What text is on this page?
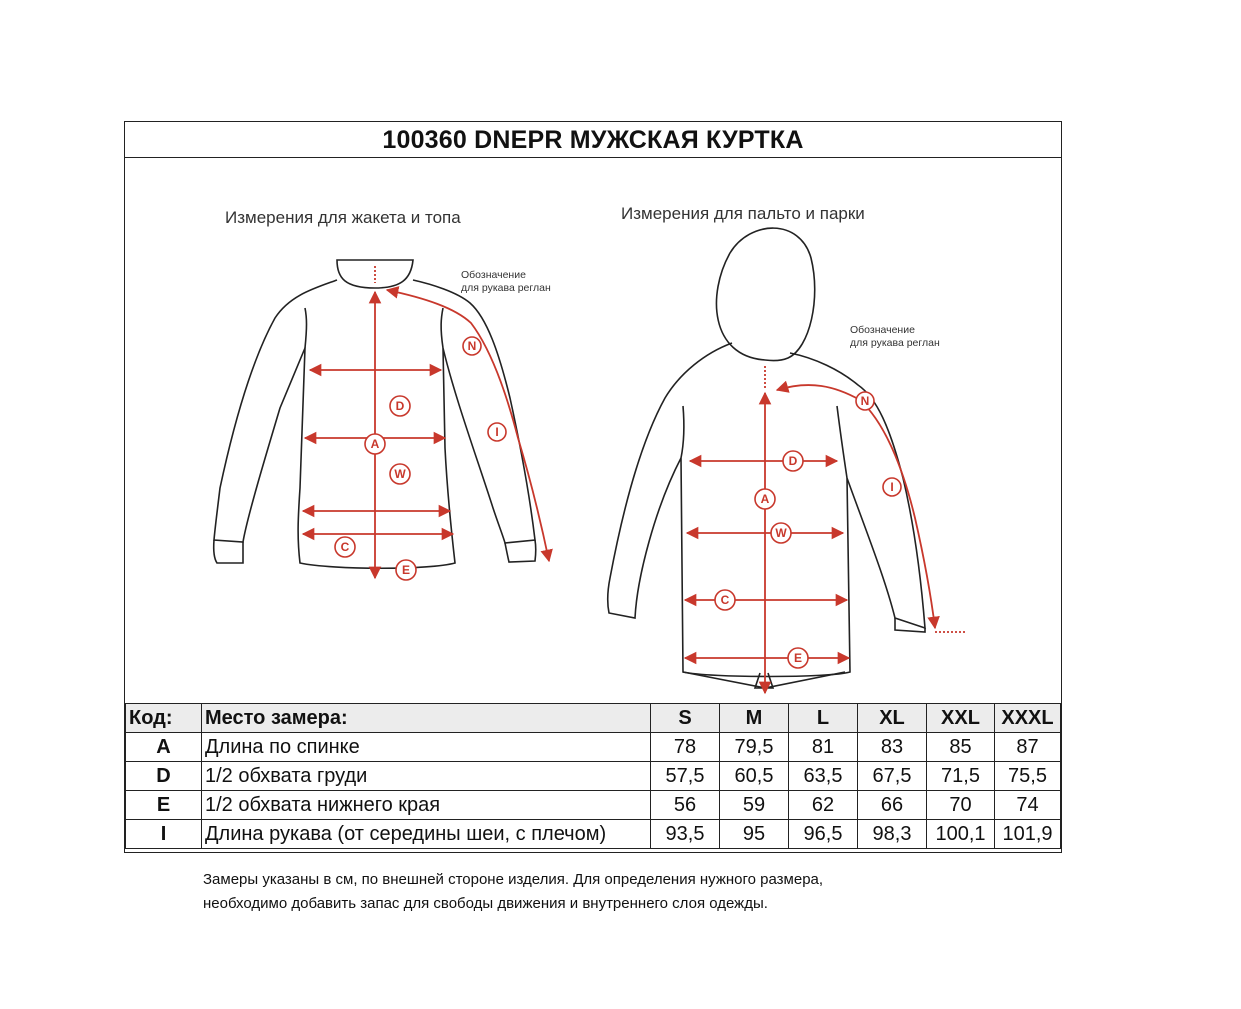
100360 DNEPR МУЖСКАЯ КУРТКА
Измерения для жакета и топа	Измерения для пальто и парки
Обозначение
для рукава реглан
Обозначение
для рукава реглан
N
D
A
W
I
C
E
N
D
A
W
I
C
E
Код:	Место замера:	S	M	L	XL	XXL	XXXL
A	Длина по спинке	78	79,5	81	83	85	87
D	1/2 обхвата груди	57,5	60,5	63,5	67,5	71,5	75,5
E	1/2 обхвата нижнего края	56	59	62	66	70	74
I	Длина рукава (от середины шеи, с плечом)	93,5	95	96,5	98,3	100,1	101,9
Замеры указаны в см, по внешней стороне изделия. Для определения нужного размера,
необходимо добавить запас для свободы движения и внутреннего слоя одежды.
